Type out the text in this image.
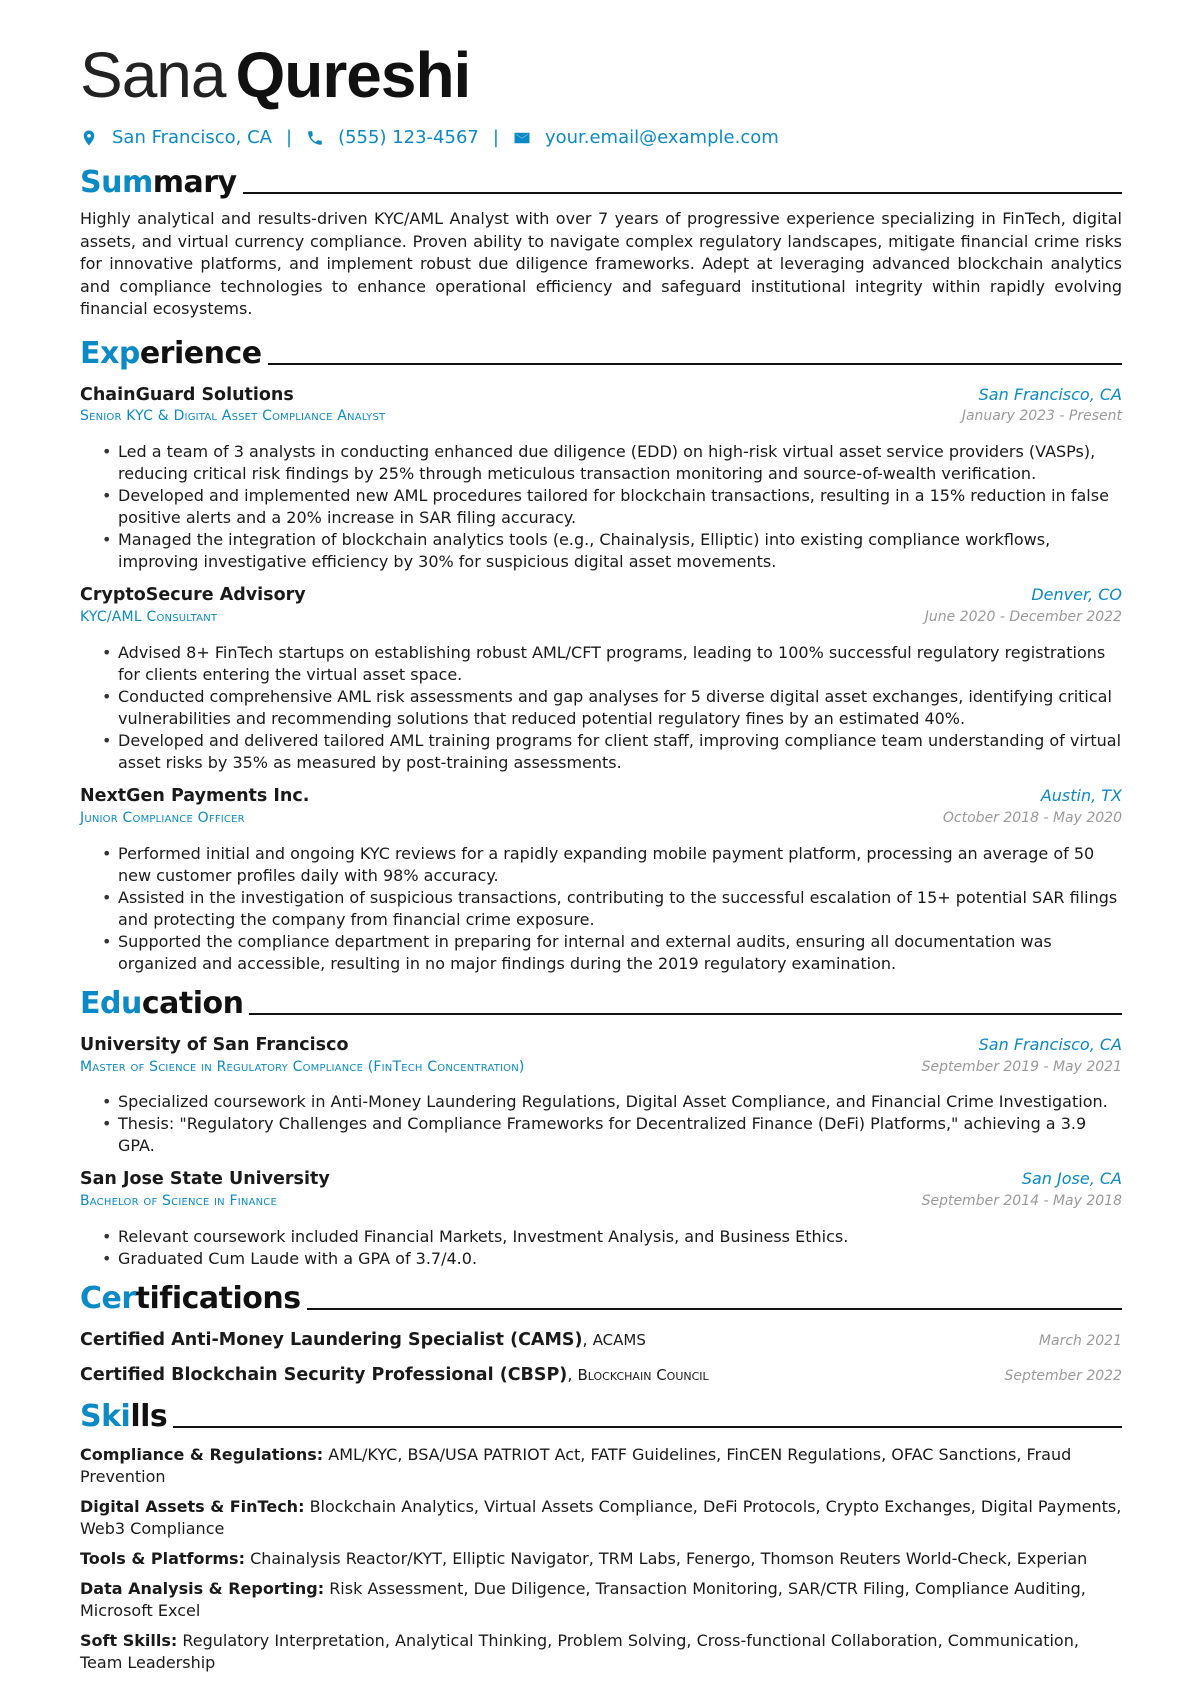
Sana Qureshi
San Francisco, CA |	(555) 123-4567 |	your.email@example.com
Summary

Highly analytical and results-driven KYC/AML Analyst with over 7 years of progressive experience specializing in FinTech, digital assets, and virtual currency compliance. Proven ability to navigate complex regulatory landscapes, mitigate financial crime risks for innovative platforms, and implement robust due diligence frameworks. Adept at leveraging advanced blockchain analytics and compliance technologies to enhance operational efficiency and safeguard institutional integrity within rapidly evolving financial ecosystems.

Experience
ChainGuard Solutions	San Francisco, CA
Senior KYC & Digital Asset Compliance Analyst	January 2023 - Present
• Led a team of 3 analysts in conducting enhanced due diligence (EDD) on high-risk virtual asset service providers (VASPs), reducing critical risk findings by 25% through meticulous transaction monitoring and source-of-wealth verification.
• Developed and implemented new AML procedures tailored for blockchain transactions, resulting in a 15% reduction in false positive alerts and a 20% increase in SAR filing accuracy.
• Managed the integration of blockchain analytics tools (e.g., Chainalysis, Elliptic) into existing compliance workflows, improving investigative efficiency by 30% for suspicious digital asset movements.
CryptoSecure Advisory	Denver, CO
KYC/AML Consultant	June 2020 - December 2022
• Advised 8+ FinTech startups on establishing robust AML/CFT programs, leading to 100% successful regulatory registrations for clients entering the virtual asset space.
• Conducted comprehensive AML risk assessments and gap analyses for 5 diverse digital asset exchanges, identifying critical vulnerabilities and recommending solutions that reduced potential regulatory fines by an estimated 40%.
• Developed and delivered tailored AML training programs for client staff, improving compliance team understanding of virtual asset risks by 35% as measured by post-training assessments.
NextGen Payments Inc.	Austin, TX
Junior Compliance Officer	October 2018 - May 2020
• Performed initial and ongoing KYC reviews for a rapidly expanding mobile payment platform, processing an average of 50 new customer profiles daily with 98% accuracy.
• Assisted in the investigation of suspicious transactions, contributing to the successful escalation of 15+ potential SAR filings and protecting the company from financial crime exposure.
• Supported the compliance department in preparing for internal and external audits, ensuring all documentation was organized and accessible, resulting in no major findings during the 2019 regulatory examination.
Education
University of San Francisco	San Francisco, CA
Master of Science in Regulatory Compliance (FinTech Concentration)	September 2019 - May 2021
• Specialized coursework in Anti-Money Laundering Regulations, Digital Asset Compliance, and Financial Crime Investigation.
• Thesis: "Regulatory Challenges and Compliance Frameworks for Decentralized Finance (DeFi) Platforms," achieving a 3.9 GPA.
San Jose State University	San Jose, CA
Bachelor of Science in Finance	September 2014 - May 2018
• Relevant coursework included Financial Markets, Investment Analysis, and Business Ethics.
• Graduated Cum Laude with a GPA of 3.7/4.0.
Certifications
Certified Anti-Money Laundering Specialist (CAMS), ACAMS	March 2021
Certified Blockchain Security Professional (CBSP), Blockchain Council	September 2022
Skills
Compliance & Regulations: AML/KYC, BSA/USA PATRIOT Act, FATF Guidelines, FinCEN Regulations, OFAC Sanctions, Fraud Prevention
Digital Assets & FinTech: Blockchain Analytics, Virtual Assets Compliance, DeFi Protocols, Crypto Exchanges, Digital Payments, Web3 Compliance
Tools & Platforms: Chainalysis Reactor/KYT, Elliptic Navigator, TRM Labs, Fenergo, Thomson Reuters World-Check, Experian
Data Analysis & Reporting: Risk Assessment, Due Diligence, Transaction Monitoring, SAR/CTR Filing, Compliance Auditing, Microsoft Excel
Soft Skills: Regulatory Interpretation, Analytical Thinking, Problem Solving, Cross-functional Collaboration, Communication, Team Leadership
